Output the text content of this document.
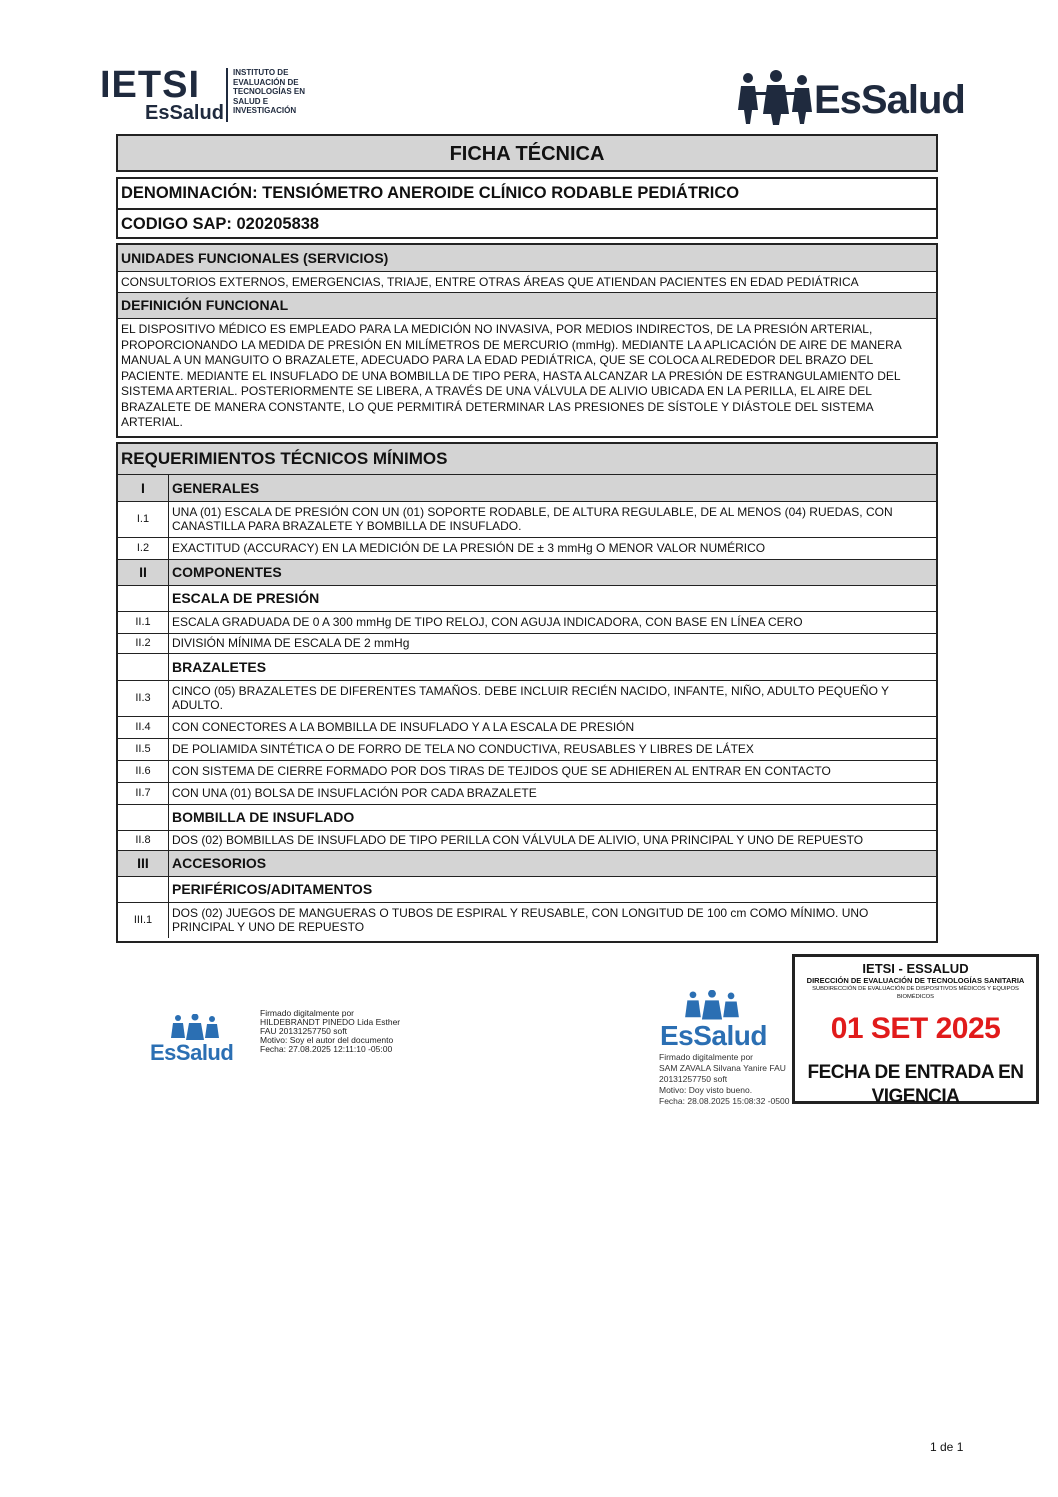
IETSI
EsSalud
INSTITUTO DE
EVALUACIÓN DE
TECNOLOGÍAS EN
SALUD E
INVESTIGACIÓN	EsSalud
FICHA TÉCNICA
DENOMINACIÓN: TENSIÓMETRO ANEROIDE CLÍNICO RODABLE PEDIÁTRICO
CODIGO SAP: 020205838
UNIDADES FUNCIONALES (SERVICIOS)
CONSULTORIOS EXTERNOS, EMERGENCIAS, TRIAJE, ENTRE OTRAS ÁREAS QUE ATIENDAN PACIENTES EN EDAD PEDIÁTRICA
DEFINICIÓN FUNCIONAL
EL DISPOSITIVO MÉDICO ES EMPLEADO PARA LA MEDICIÓN NO INVASIVA, POR MEDIOS INDIRECTOS, DE LA PRESIÓN ARTERIAL, PROPORCIONANDO LA MEDIDA DE PRESIÓN EN MILÍMETROS DE MERCURIO (mmHg). MEDIANTE LA APLICACIÓN DE AIRE DE MANERA MANUAL A UN MANGUITO O BRAZALETE, ADECUADO PARA LA EDAD PEDIÁTRICA, QUE SE COLOCA ALREDEDOR DEL BRAZO DEL PACIENTE. MEDIANTE EL INSUFLADO DE UNA BOMBILLA DE TIPO PERA, HASTA ALCANZAR LA PRESIÓN DE ESTRANGULAMIENTO DEL SISTEMA ARTERIAL. POSTERIORMENTE SE LIBERA, A TRAVÉS DE UNA VÁLVULA DE ALIVIO UBICADA EN LA PERILLA, EL AIRE DEL BRAZALETE DE MANERA CONSTANTE, LO QUE PERMITIRÁ DETERMINAR LAS PRESIONES DE SÍSTOLE Y DIÁSTOLE DEL SISTEMA ARTERIAL.
REQUERIMIENTOS TÉCNICOS MÍNIMOS
I	GENERALES
I.1	UNA (01) ESCALA DE PRESIÓN CON UN (01) SOPORTE RODABLE, DE ALTURA REGULABLE, DE AL MENOS (04) RUEDAS, CON CANASTILLA PARA BRAZALETE Y BOMBILLA DE INSUFLADO.
I.2	EXACTITUD (ACCURACY) EN LA MEDICIÓN DE LA PRESIÓN DE ± 3 mmHg O MENOR VALOR NUMÉRICO
II	COMPONENTES
	ESCALA DE PRESIÓN
II.1	ESCALA GRADUADA DE 0 A 300 mmHg DE TIPO RELOJ, CON AGUJA INDICADORA, CON BASE EN LÍNEA CERO
II.2	DIVISIÓN MÍNIMA DE ESCALA DE 2 mmHg
	BRAZALETES
II.3	CINCO (05) BRAZALETES DE DIFERENTES TAMAÑOS. DEBE INCLUIR RECIÉN NACIDO, INFANTE, NIÑO, ADULTO PEQUEÑO Y ADULTO.
II.4	CON CONECTORES A LA BOMBILLA DE INSUFLADO Y A LA ESCALA DE PRESIÓN
II.5	DE POLIAMIDA SINTÉTICA O DE FORRO DE TELA NO CONDUCTIVA, REUSABLES Y LIBRES DE LÁTEX
II.6	CON SISTEMA DE CIERRE FORMADO POR DOS TIRAS DE TEJIDOS QUE SE ADHIEREN AL ENTRAR EN CONTACTO
II.7	CON UNA (01) BOLSA DE INSUFLACIÓN POR CADA BRAZALETE
	BOMBILLA DE INSUFLADO
II.8	DOS (02) BOMBILLAS DE INSUFLADO DE TIPO PERILLA CON VÁLVULA DE ALIVIO, UNA PRINCIPAL Y UNO DE REPUESTO
III	ACCESORIOS
	PERIFÉRICOS/ADITAMENTOS
III.1	DOS (02) JUEGOS DE MANGUERAS O TUBOS DE ESPIRAL Y REUSABLE, CON LONGITUD DE 100 cm COMO MÍNIMO. UNO PRINCIPAL Y UNO DE REPUESTO
EsSalud
Firmado digitalmente por
HILDEBRANDT PINEDO Lida Esther
FAU 20131257750 soft
Motivo: Soy el autor del documento
Fecha: 27.08.2025 12:11:10 -05:00	EsSalud
Firmado digitalmente por
SAM ZAVALA Silvana Yanire FAU
20131257750 soft
Motivo: Doy visto bueno.
Fecha: 28.08.2025 15:08:32 -0500
IETSI - ESSALUD
DIRECCIÓN DE EVALUACIÓN DE TECNOLOGÍAS SANITARIA
SUBDIRECCIÓN DE EVALUACIÓN DE DISPOSITIVOS MÉDICOS Y EQUIPOS BIOMÉDICOS
01 SET 2025
FECHA DE ENTRADA EN VIGENCIA
1 de 1
